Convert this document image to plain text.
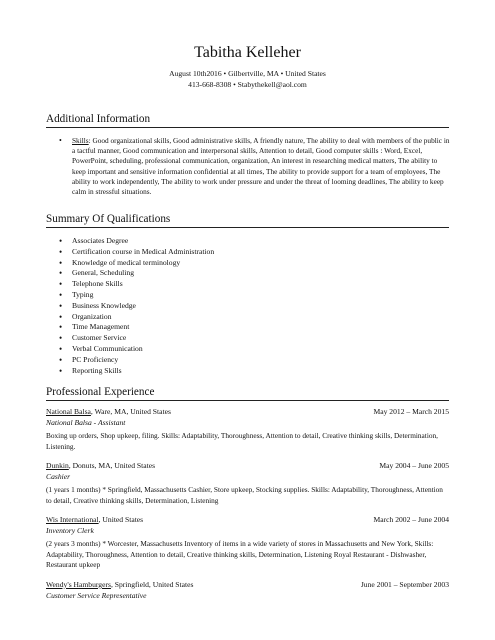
Tabitha Kelleher
August 10th2016 • Gilbertville, MA • United States
413-668-8308 • Stabythekell@aol.com
Additional Information
• Skills: Good organizational skills, Good administrative skills, A friendly nature, The ability to deal with members of the public in a tactful manner, Good communication and interpersonal skills, Attention to detail, Good computer skills : Word, Excel, PowerPoint, scheduling, professional communication, organization, An interest in researching medical matters, The ability to keep important and sensitive information confidential at all times, The ability to provide support for a team of employees, The ability to work independently, The ability to work under pressure and under the threat of looming deadlines, The ability to keep calm in stressful situations.
Summary Of Qualifications
• Associates Degree
• Certification course in Medical Administration
• Knowledge of medical terminology
• General, Scheduling
• Telephone Skills
• Typing
• Business Knowledge
• Organization
• Time Management
• Customer Service
• Verbal Communication
• PC Proficiency
• Reporting Skills
Professional Experience
National Balsa, Ware, MA, United States	May 2012 – March 2015
National Balsa - Assistant
Boxing up orders, Shop upkeep, filing. Skills: Adaptability, Thoroughness, Attention to detail, Creative thinking skills, Determination, Listening.
Dunkin, Donuts, MA, United States	May 2004 – June 2005
Cashier
(1 years 1 months) * Springfield, Massachusetts Cashier, Store upkeep, Stocking supplies. Skills: Adaptability, Thoroughness, Attention to detail, Creative thinking skills, Determination, Listening
Wis International, United States	March 2002 – June 2004
Inventory Clerk
(2 years 3 months) * Worcester, Massachusetts Inventory of items in a wide variety of stores in Massachusetts and New York, Skills: Adaptability, Thoroughness, Attention to detail, Creative thinking skills, Determination, Listening Royal Restaurant - Dishwasher, Restaurant upkeep
Wendy's Hamburgers, Springfield, United States	June 2001 – September 2003
Customer Service Representative
